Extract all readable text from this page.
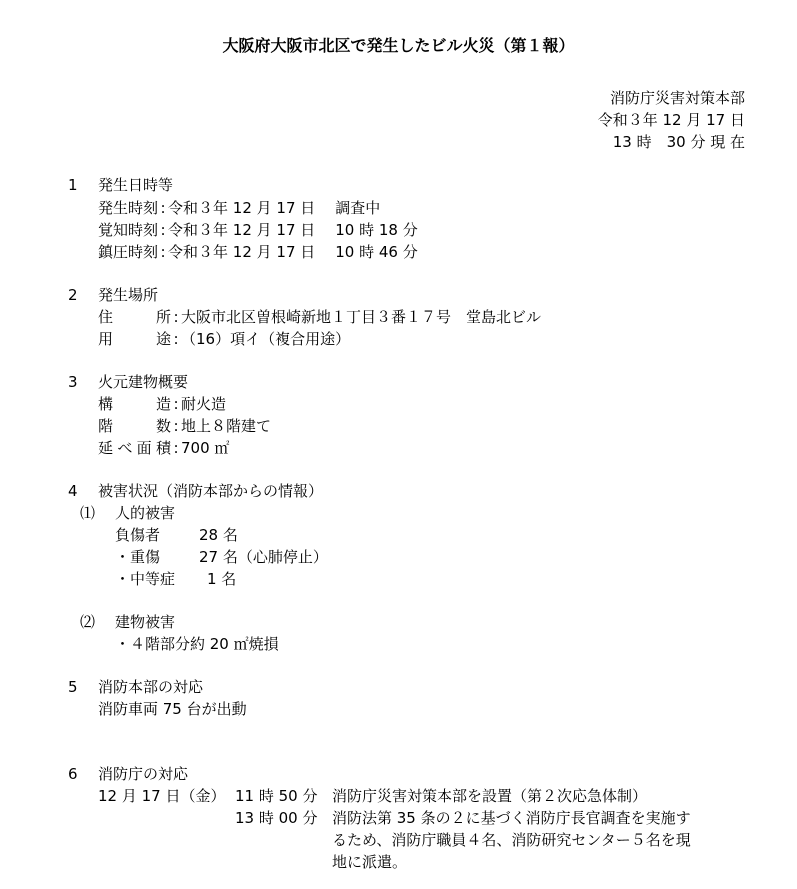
大阪府大阪市北区で発生したビル火災（第１報）
消防庁災害対策本部
令和３年 12 月 17 日
13 時　30 分 現 在
1	発生日時等
発生時刻 : 令和３年 12 月 17 日 調査中
覚知時刻 : 令和３年 12 月 17 日 10 時 18 分
鎮圧時刻 : 令和３年 12 月 17 日 10 時 46 分
2	発生場所
住所 : 大阪市北区曽根崎新地１丁目３番１７号　堂島北ビル
用途 : （16）項イ（複合用途）
3	火元建物概要
構造 : 耐火造
階数 : 地上８階建て
延べ面積 : 700 ㎡
4	被害状況（消防本部からの情報）
⑴ 人的被害
負傷者	28 名
・重傷	27 名（心肺停止）
・中等症 1 名
⑵ 建物被害
・４階部分約 20 ㎡焼損
5	消防本部の対応
消防車両 75 台が出動
6	消防庁の対応
12 月 17 日（金） 11 時 50 分 消防庁災害対策本部を設置（第２次応急体制）
13 時 00 分 消防法第 35 条の２に基づく消防庁長官調査を実施す
るため、消防庁職員４名、消防研究センター５名を現
地に派遣。
